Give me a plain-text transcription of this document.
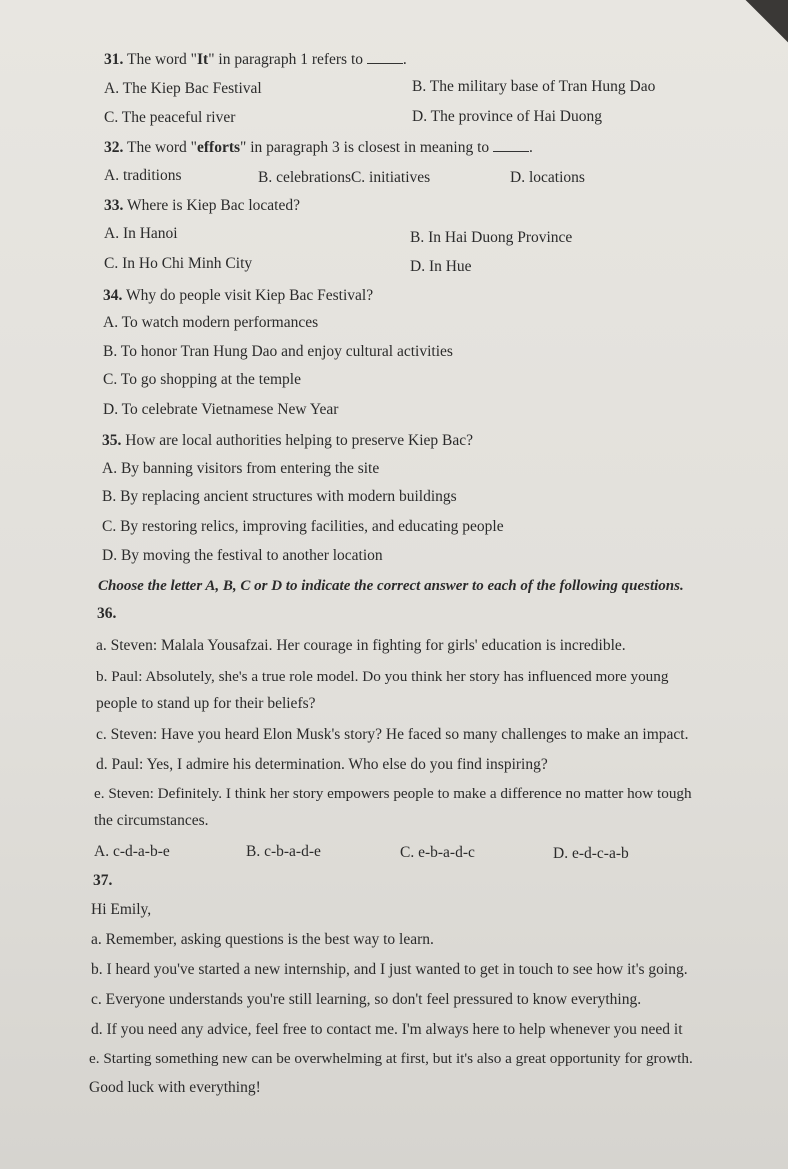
31. The word "It" in paragraph 1 refers to	.
A. The Kiep Bac Festival	B. The military base of Tran Hung Dao
C. The peaceful river	D. The province of Hai Duong
32. The word "efforts" in paragraph 3 is closest in meaning to	.
A. traditions	B. celebrationsC. initiatives	D. locations
33. Where is Kiep Bac located?
A. In Hanoi	B. In Hai Duong Province
C. In Ho Chi Minh City	D. In Hue
34. Why do people visit Kiep Bac Festival?
A. To watch modern performances
B. To honor Tran Hung Dao and enjoy cultural activities
C. To go shopping at the temple
D. To celebrate Vietnamese New Year
35. How are local authorities helping to preserve Kiep Bac?
A. By banning visitors from entering the site
B. By replacing ancient structures with modern buildings
C. By restoring relics, improving facilities, and educating people
D. By moving the festival to another location
Choose the letter A, B, C or D to indicate the correct answer to each of the following questions.
36.
a. Steven: Malala Yousafzai. Her courage in fighting for girls' education is incredible.
b. Paul: Absolutely, she's a true role model. Do you think her story has influenced more young
people to stand up for their beliefs?
c. Steven: Have you heard Elon Musk's story? He faced so many challenges to make an impact.
d. Paul: Yes, I admire his determination. Who else do you find inspiring?
e. Steven: Definitely. I think her story empowers people to make a difference no matter how tough
the circumstances.
A. c-d-a-b-e	B. c-b-a-d-e	C. e-b-a-d-c	D. e-d-c-a-b
37.
Hi Emily,
a. Remember, asking questions is the best way to learn.
b. I heard you've started a new internship, and I just wanted to get in touch to see how it's going.
c. Everyone understands you're still learning, so don't feel pressured to know everything.
d. If you need any advice, feel free to contact me. I'm always here to help whenever you need it
e. Starting something new can be overwhelming at first, but it's also a great opportunity for growth.
Good luck with everything!
